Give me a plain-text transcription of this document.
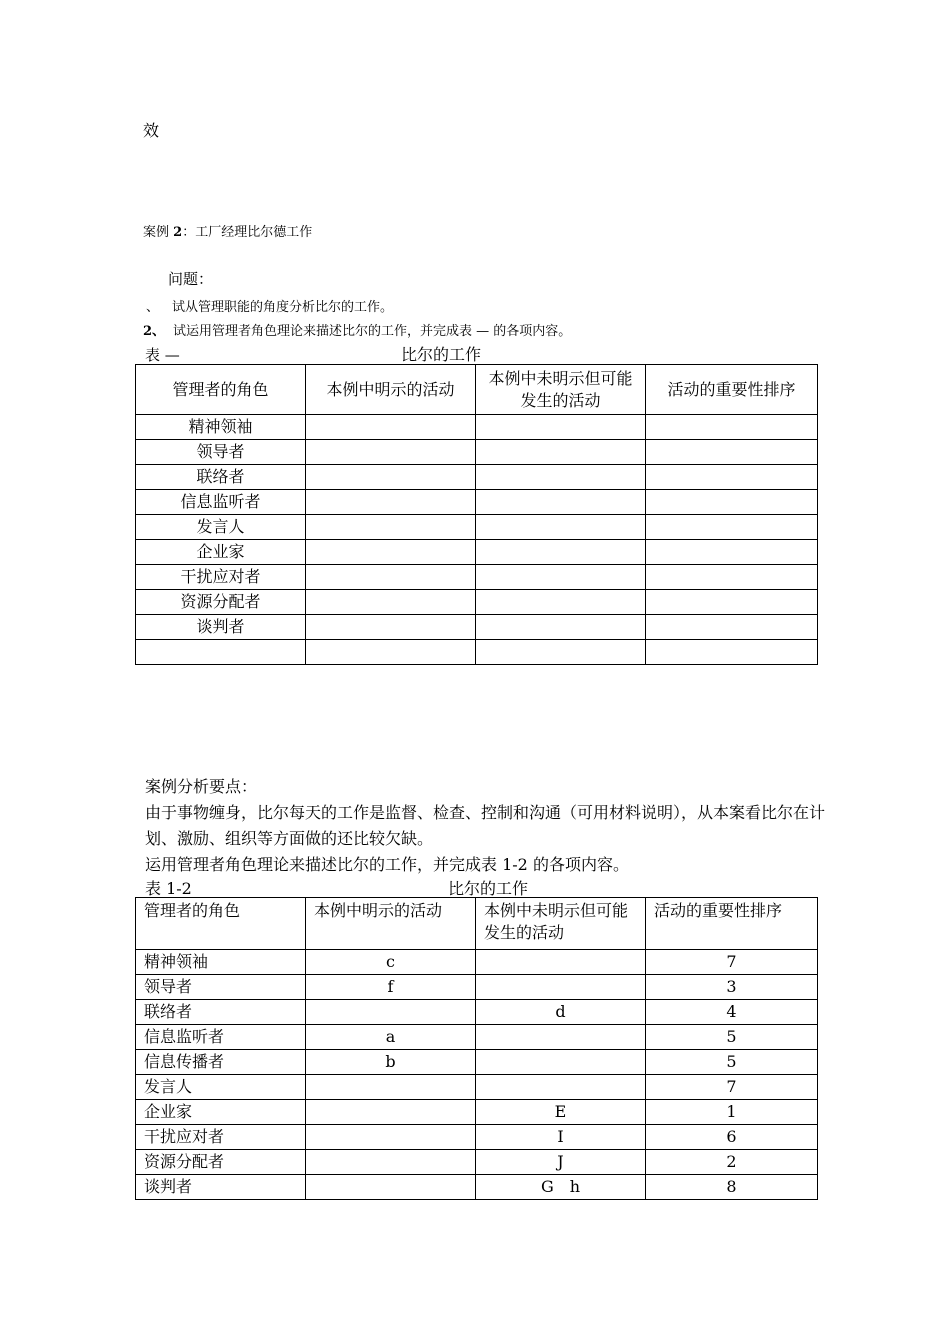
效
案例 2：工厂经理比尔德工作
问题：
、 试从管理职能的角度分析比尔的工作。
2、 试运用管理者角色理论来描述比尔的工作，并完成表 — 的各项内容。
表 —	比尔的工作
管理者的角色	本例中明示的活动	本例中未明示但可能发生的活动	活动的重要性排序
精神领袖			
领导者			
联络者			
信息监听者			
发言人			
企业家			
干扰应对者			
资源分配者			
谈判者			

案例分析要点：

由于事物缠身，比尔每天的工作是监督、检查、控制和沟通（可用材料说明），从本案看比尔在计划、激励、组织等方面做的还比较欠缺。

运用管理者角色理论来描述比尔的工作，并完成表 1-2 的各项内容。

表 1-2	比尔的工作
管理者的角色	本例中明示的活动	本例中未明示但可能发生的活动	活动的重要性排序
精神领袖	c		7
领导者	f		3
联络者		d	4
信息监听者	a		5
信息传播者	b		5
发言人			7
企业家		E	1
干扰应对者		I	6
资源分配者		J	2
谈判者		G　h	8
